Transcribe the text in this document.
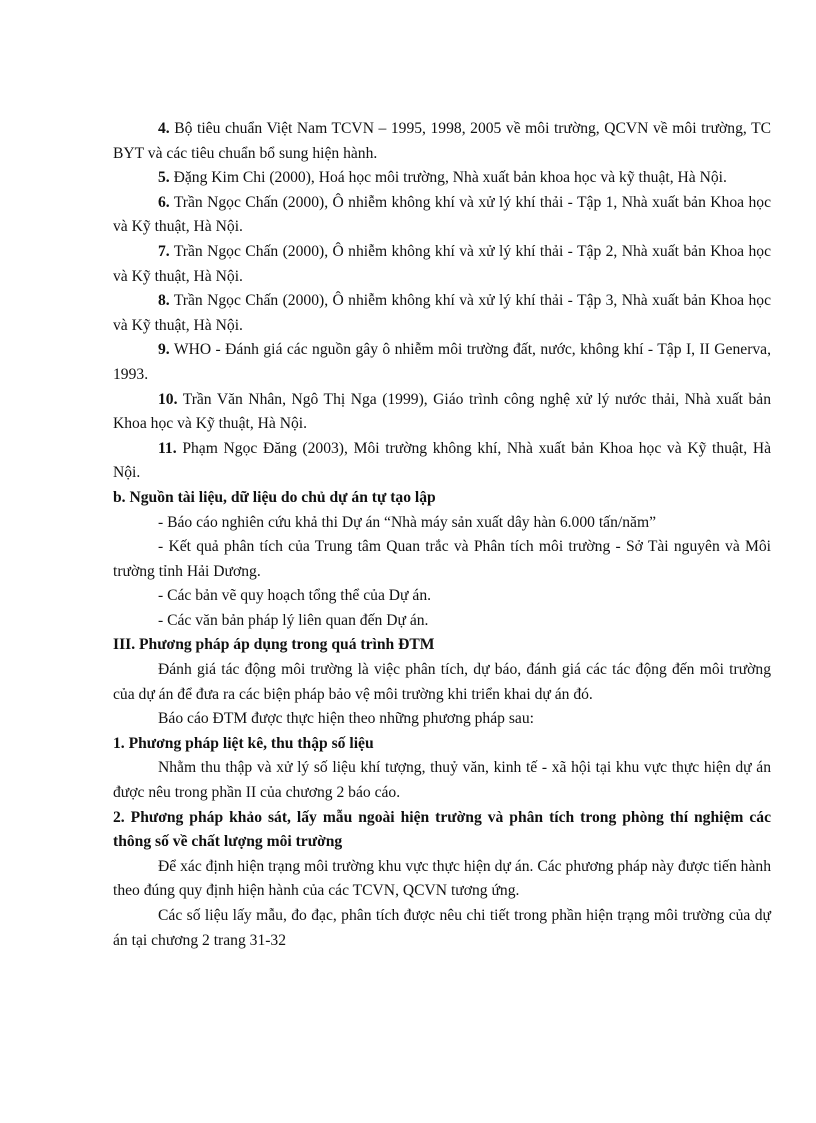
4. Bộ tiêu chuẩn Việt Nam TCVN – 1995, 1998, 2005 về môi trường, QCVN về môi trường, TC BYT và các tiêu chuẩn bổ sung hiện hành.

5. Đặng Kim Chi (2000), Hoá học môi trường, Nhà xuất bản khoa học và kỹ thuật, Hà Nội.

6. Trần Ngọc Chấn (2000), Ô nhiễm không khí và xử lý khí thải - Tập 1, Nhà xuất bản Khoa học và Kỹ thuật, Hà Nội.

7. Trần Ngọc Chấn (2000), Ô nhiễm không khí và xử lý khí thải - Tập 2, Nhà xuất bản Khoa học và Kỹ thuật, Hà Nội.

8. Trần Ngọc Chấn (2000), Ô nhiễm không khí và xử lý khí thải - Tập 3, Nhà xuất bản Khoa học và Kỹ thuật, Hà Nội.

9. WHO - Đánh giá các nguồn gây ô nhiễm môi trường đất, nước, không khí - Tập I, II Generva, 1993.

10. Trần Văn Nhân, Ngô Thị Nga (1999), Giáo trình công nghệ xử lý nước thải, Nhà xuất bản Khoa học và Kỹ thuật, Hà Nội.

11. Phạm Ngọc Đăng (2003), Môi trường không khí, Nhà xuất bản Khoa học và Kỹ thuật, Hà Nội.

b. Nguồn tài liệu, dữ liệu do chủ dự án tự tạo lập

- Báo cáo nghiên cứu khả thi Dự án “Nhà máy sản xuất dây hàn 6.000 tấn/năm”

- Kết quả phân tích của Trung tâm Quan trắc và Phân tích môi trường - Sở Tài nguyên và Môi trường tỉnh Hải Dương.

- Các bản vẽ quy hoạch tổng thể của Dự án.

- Các văn bản pháp lý liên quan đến Dự án.

III. Phương pháp áp dụng trong quá trình ĐTM

Đánh giá tác động môi trường là việc phân tích, dự báo, đánh giá các tác động đến môi trường của dự án để đưa ra các biện pháp bảo vệ môi trường khi triển khai dự án đó.

Báo cáo ĐTM được thực hiện theo những phương pháp sau:

1. Phương pháp liệt kê, thu thập số liệu

Nhằm thu thập và xử lý số liệu khí tượng, thuỷ văn, kinh tế - xã hội tại khu vực thực hiện dự án được nêu trong phần II của chương 2 báo cáo.

2. Phương pháp khảo sát, lấy mẫu ngoài hiện trường và phân tích trong phòng thí nghiệm các thông số về chất lượng môi trường

Để xác định hiện trạng môi trường khu vực thực hiện dự án. Các phương pháp này được tiến hành theo đúng quy định hiện hành của các TCVN, QCVN tương ứng.

Các số liệu lấy mẫu, đo đạc, phân tích được nêu chi tiết trong phần hiện trạng môi trường của dự án tại chương 2 trang 31-32
